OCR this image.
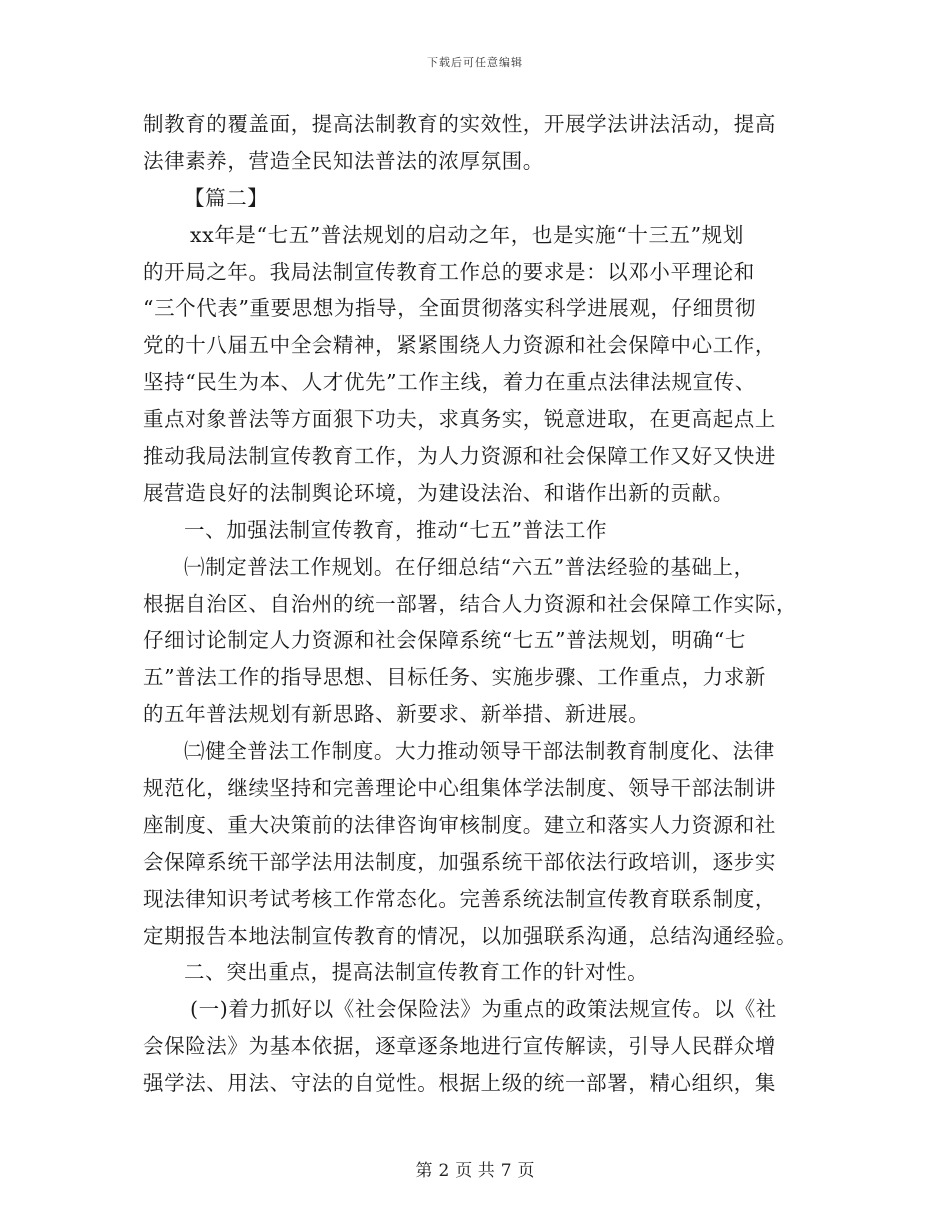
下载后可任意编辑
制教育的覆盖面，提高法制教育的实效性，开展学法讲法活动，提高
法律素养，营造全民知法普法的浓厚氛围。
【篇二】
xx年是“七五”普法规划的启动之年，也是实施“十三五”规划
的开局之年。我局法制宣传教育工作总的要求是：以邓小平理论和
“三个代表”重要思想为指导，全面贯彻落实科学进展观，仔细贯彻
党的十八届五中全会精神，紧紧围绕人力资源和社会保障中心工作，
坚持“民生为本、人才优先”工作主线，着力在重点法律法规宣传、
重点对象普法等方面狠下功夫，求真务实，锐意进取，在更高起点上
推动我局法制宣传教育工作，为人力资源和社会保障工作又好又快进
展营造良好的法制舆论环境，为建设法治、和谐作出新的贡献。
一、加强法制宣传教育，推动“七五”普法工作
㈠制定普法工作规划。在仔细总结“六五”普法经验的基础上，
根据自治区、自治州的统一部署，结合人力资源和社会保障工作实际，
仔细讨论制定人力资源和社会保障系统“七五”普法规划，明确“七
五”普法工作的指导思想、目标任务、实施步骤、工作重点，力求新
的五年普法规划有新思路、新要求、新举措、新进展。
㈡健全普法工作制度。大力推动领导干部法制教育制度化、法律
规范化，继续坚持和完善理论中心组集体学法制度、领导干部法制讲
座制度、重大决策前的法律咨询审核制度。建立和落实人力资源和社
会保障系统干部学法用法制度，加强系统干部依法行政培训，逐步实
现法律知识考试考核工作常态化。完善系统法制宣传教育联系制度，
定期报告本地法制宣传教育的情况，以加强联系沟通，总结沟通经验。
二、突出重点，提高法制宣传教育工作的针对性。
(一)着力抓好以《社会保险法》为重点的政策法规宣传。以《社
会保险法》为基本依据，逐章逐条地进行宣传解读，引导人民群众增
强学法、用法、守法的自觉性。根据上级的统一部署，精心组织，集
第 2 页 共 7 页
